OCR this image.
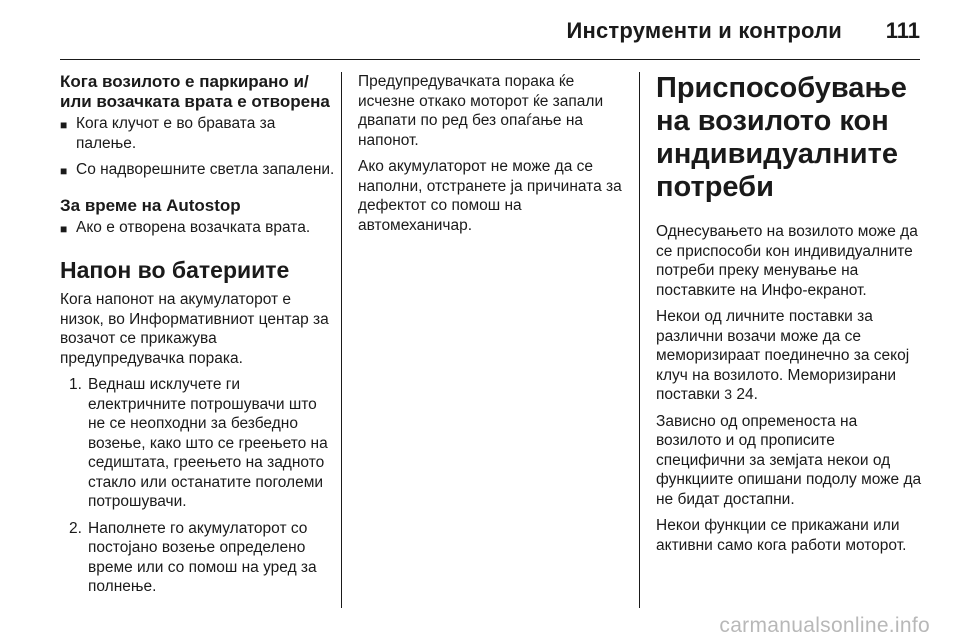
Инструменти и контроли 111
Кога возилото е паркирано и/или возачката врата е отворена
■ Кога клучот е во бравата за палење.
■ Со надворешните светла запалени.
За време на Autostop
■ Ако е отворена возачката врата.
Напон во батериите

Кога напонот на акумулаторот е низок, во Информативниот центар за возачот се прикажува предупредувачка порака.

1. Веднаш исклучете ги електричните потрошувачи што не се неопходни за безбедно возење, како што се греењето на седиштата, греењето на задното стакло или останатите поголеми потрошувачи.
2. Наполнете го акумулаторот со постојано возење определено време или со помош на уред за полнење.

Предупредувачката порака ќе исчезне откако моторот ќе запали двапати по ред без опаѓање на напонот.

Ако акумулаторот не може да се наполни, отстранете ја причината за дефектот со помош на автомеханичар.

Приспособување на возилото кон индивидуалните потреби

Однесувањето на возилото може да се приспособи кон индивидуалните потреби преку менување на поставките на Инфо-екранот.

Некои од личните поставки за различни возачи може да се меморизираат поединечно за секој клуч на возилото. Меморизирани поставки 3 24.

Зависно од опременоста на возилото и од прописите специфични за земјата некои од функциите опишани подолу може да не бидат достапни.

Некои функции се прикажани или активни само кога работи моторот.

carmanualsonline.info
